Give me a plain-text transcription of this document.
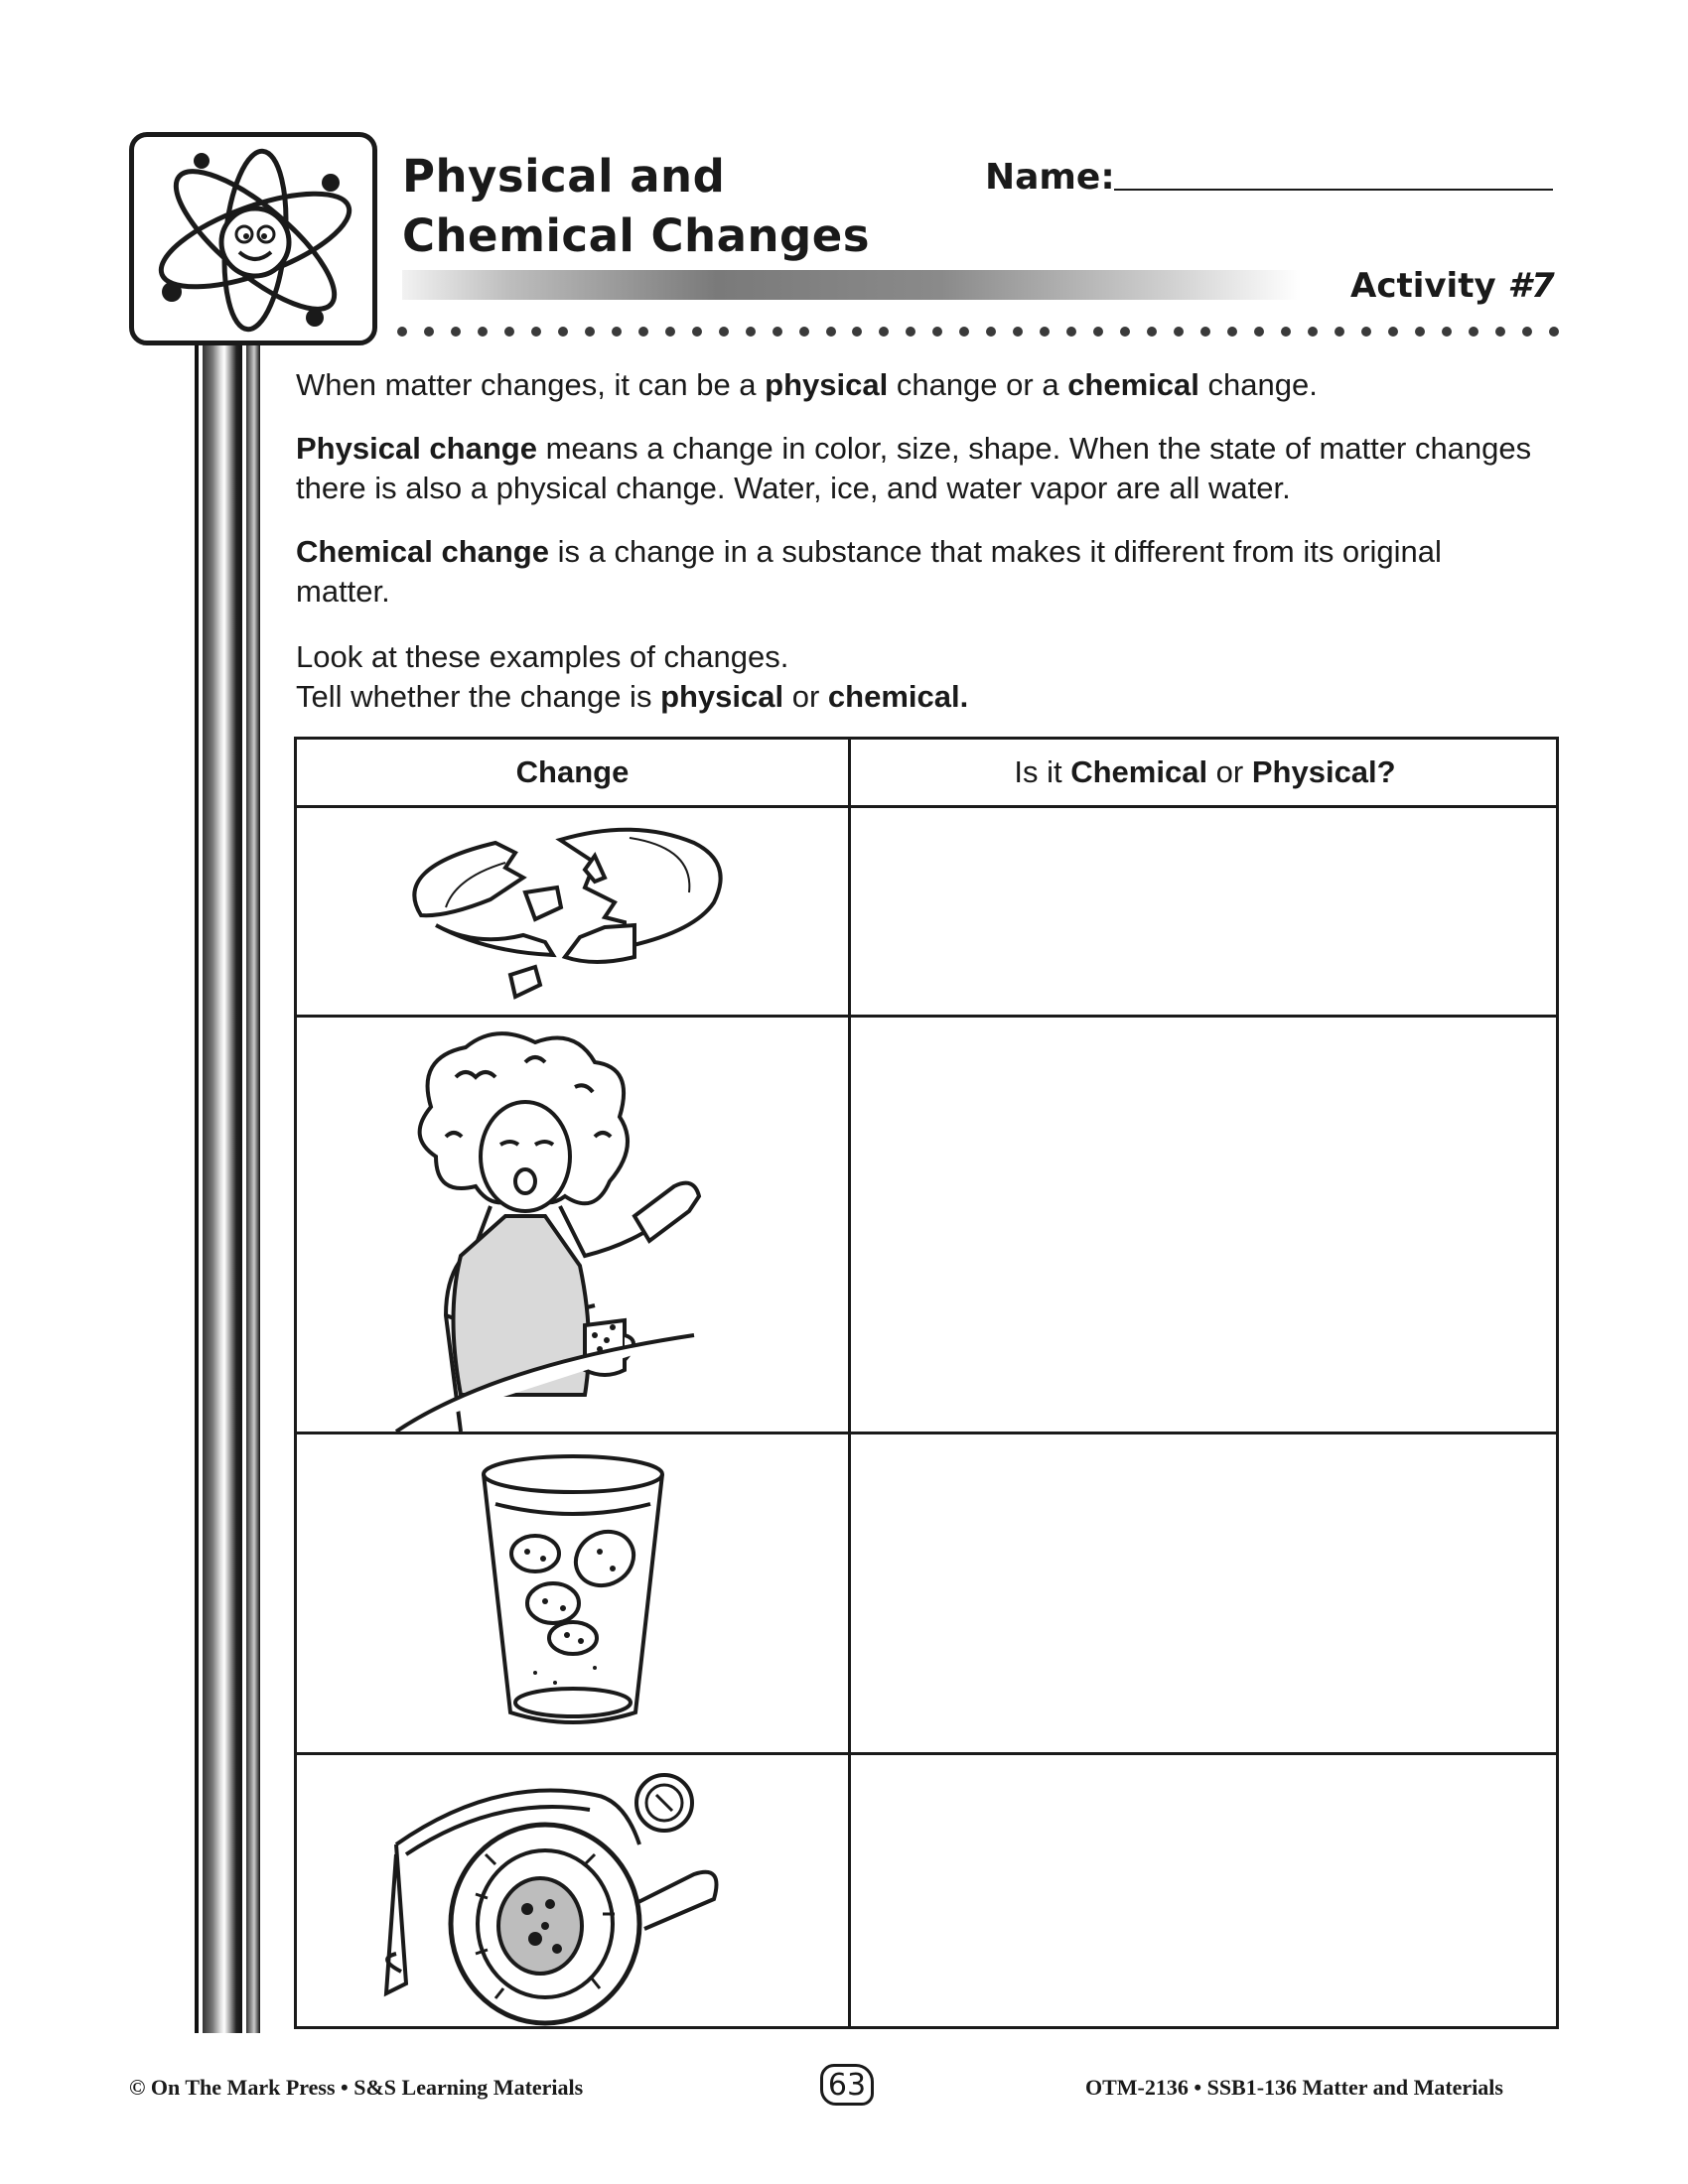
Physical and
Chemical Changes
Name:
Activity #7

When matter changes, it can be a physical change or a chemical change.

Physical change means a change in color, size, shape. When the state of matter changes there is also a physical change. Water, ice, and water vapor are all water.

Chemical change is a change in a substance that makes it different from its original matter.

Look at these examples of changes.
Tell whether the change is physical or chemical.

Change	Is it Chemical or Physical?
© On The Mark Press • S&S Learning Materials	63	OTM-2136 • SSB1-136 Matter and Materials
